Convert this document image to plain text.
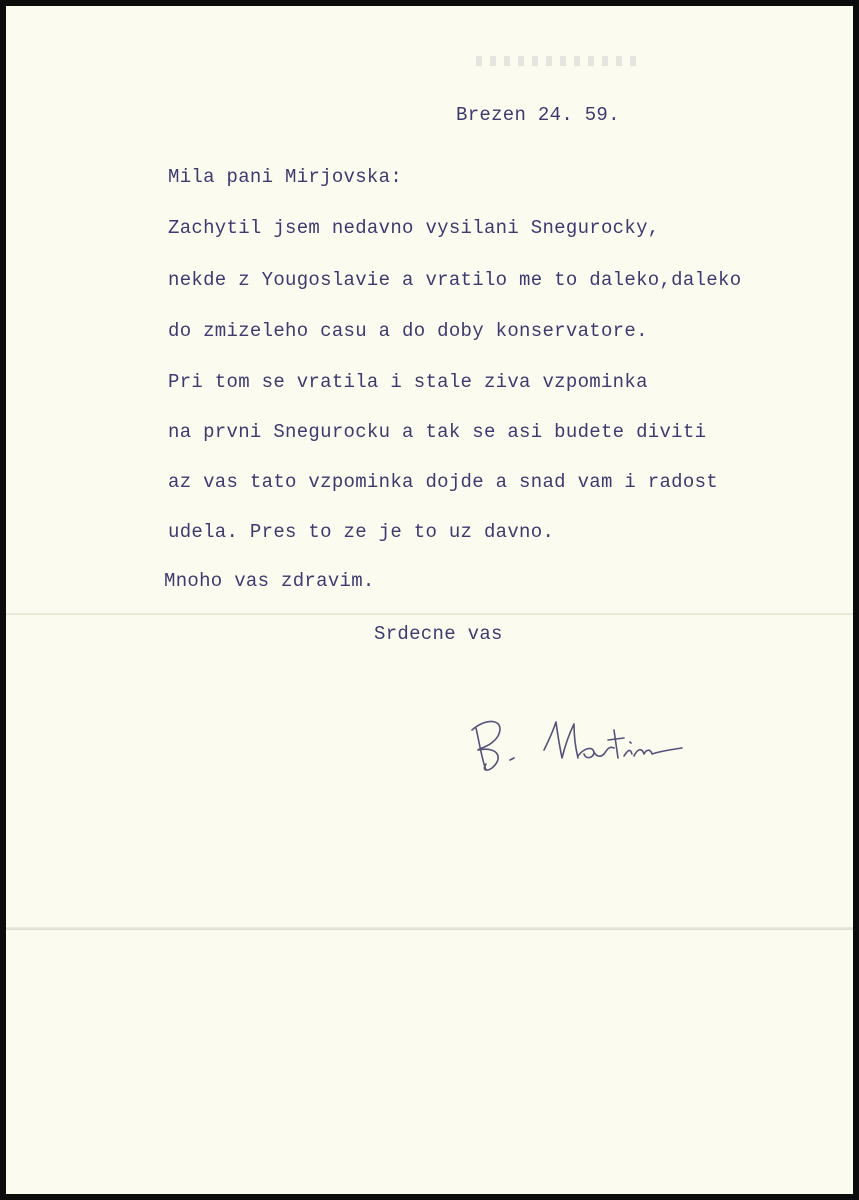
Brezen 24. 59.
Mila pani Mirjovska:
Zachytil jsem nedavno vysilani Snegurocky,
nekde z Yougoslavie a vratilo me to daleko,daleko
do zmizeleho casu a do doby konservatore.
Pri tom se vratila i stale ziva vzpominka
na prvni Snegurocku a tak se asi budete diviti
az vas tato vzpominka dojde a snad vam i radost
udela. Pres to ze je to uz davno.
Mnoho vas zdravim.
Srdecne vas
